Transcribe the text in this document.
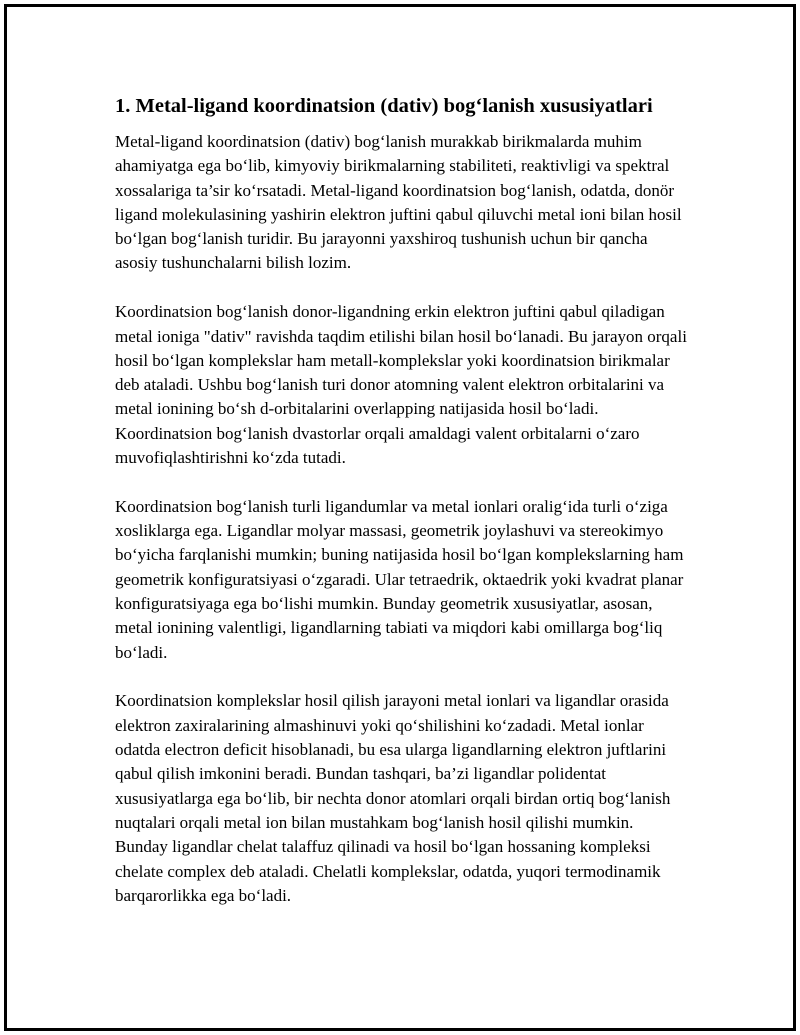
1. Metal-ligand koordinatsion (dativ) bog‘lanish xususiyatlari

Metal-ligand koordinatsion (dativ) bog‘lanish murakkab birikmalarda muhim ahamiyatga ega bo‘lib, kimyoviy birikmalarning stabiliteti, reaktivligi va spektral xossalariga ta’sir ko‘rsatadi. Metal-ligand koordinatsion bog‘lanish, odatda, donör ligand molekulasining yashirin elektron juftini qabul qiluvchi metal ioni bilan hosil bo‘lgan bog‘lanish turidir. Bu jarayonni yaxshiroq tushunish uchun bir qancha asosiy tushunchalarni bilish lozim.

Koordinatsion bog‘lanish donor-ligandning erkin elektron juftini qabul qiladigan metal ioniga "dativ" ravishda taqdim etilishi bilan hosil bo‘lanadi. Bu jarayon orqali hosil bo‘lgan komplekslar ham metall-komplekslar yoki koordinatsion birikmalar deb ataladi. Ushbu bog‘lanish turi donor atomning valent elektron orbitalarini va metal ionining bo‘sh d-orbitalarini overlapping natijasida hosil bo‘ladi. Koordinatsion bog‘lanish dvastorlar orqali amaldagi valent orbitalarni o‘zaro muvofiqlashtirishni ko‘zda tutadi.

Koordinatsion bog‘lanish turli ligandumlar va metal ionlari oralig‘ida turli o‘ziga xosliklarga ega. Ligandlar molyar massasi, geometrik joylashuvi va stereokimyo bo‘yicha farqlanishi mumkin; buning natijasida hosil bo‘lgan komplekslarning ham geometrik konfiguratsiyasi o‘zgaradi. Ular tetraedrik, oktaedrik yoki kvadrat planar konfiguratsiyaga ega bo‘lishi mumkin. Bunday geometrik xususiyatlar, asosan, metal ionining valentligi, ligandlarning tabiati va miqdori kabi omillarga bog‘liq bo‘ladi.

Koordinatsion komplekslar hosil qilish jarayoni metal ionlari va ligandlar orasida elektron zaxiralarining almashinuvi yoki qo‘shilishini ko‘zadadi. Metal ionlar odatda electron deficit hisoblanadi, bu esa ularga ligandlarning elektron juftlarini qabul qilish imkonini beradi. Bundan tashqari, ba’zi ligandlar polidentat xususiyatlarga ega bo‘lib, bir nechta donor atomlari orqali birdan ortiq bog‘lanish nuqtalari orqali metal ion bilan mustahkam bog‘lanish hosil qilishi mumkin. Bunday ligandlar chelat talaffuz qilinadi va hosil bo‘lgan hossaning kompleksi chelate complex deb ataladi. Chelatli komplekslar, odatda, yuqori termodinamik barqarorlikka ega bo‘ladi.
